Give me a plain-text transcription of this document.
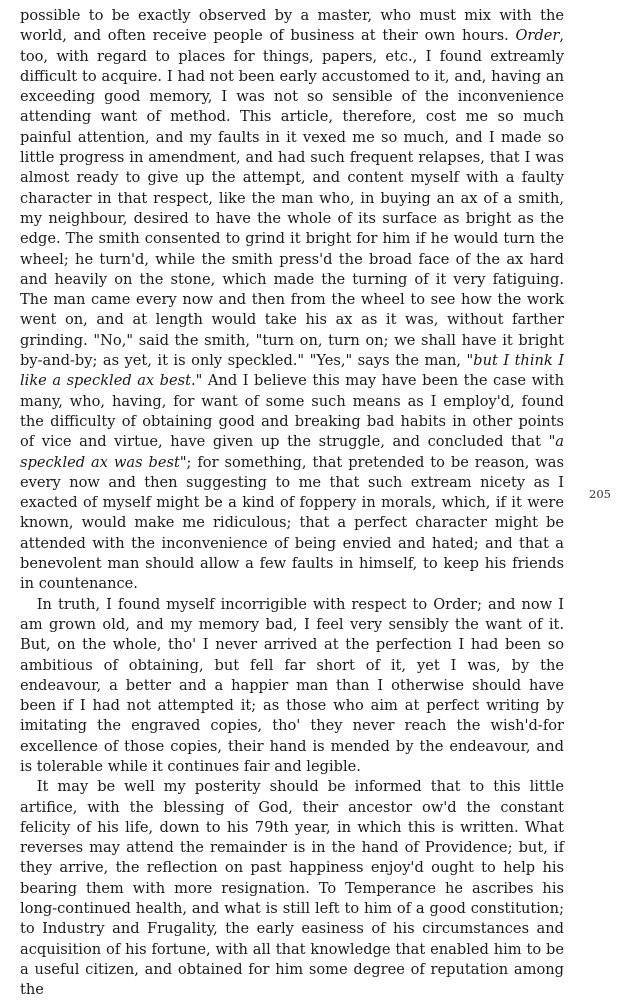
possible to be exactly observed by a master, who must mix with the world, and often receive people of business at their own hours. Order, too, with regard to places for things, papers, etc., I found extreamly difficult to acquire. I had not been early accustomed to it, and, having an exceeding good memory, I was not so sensible of the inconvenience attending want of method. This article, therefore, cost me so much painful attention, and my faults in it vexed me so much, and I made so little progress in amendment, and had such frequent relapses, that I was almost ready to give up the attempt, and content myself with a faulty character in that respect, like the man who, in buying an ax of a smith, my neighbour, desired to have the whole of its surface as bright as the edge. The smith consented to grind it bright for him if he would turn the wheel; he turn'd, while the smith press'd the broad face of the ax hard and heavily on the stone, which made the turning of it very fatiguing. The man came every now and then from the wheel to see how the work went on, and at length would take his ax as it was, without farther grinding. "No," said the smith, "turn on, turn on; we shall have it bright by-and-by; as yet, it is only speckled." "Yes," says the man, "but I think I like a speckled ax best." And I believe this may have been the case with many, who, having, for want of some such means as I employ'd, found the difficulty of obtaining good and breaking bad habits in other points of vice and virtue, have given up the struggle, and concluded that "a speckled ax was best"; for something, that pretended to be reason, was every now and then suggesting to me that such extream nicety as I exacted of myself might be a kind of foppery in morals, which, if it were known, would make me ridiculous; that a perfect character might be attended with the inconvenience of being envied and hated; and that a benevolent man should allow a few faults in himself, to keep his friends in countenance.

In truth, I found myself incorrigible with respect to Order; and now I am grown old, and my memory bad, I feel very sensibly the want of it. But, on the whole, tho' I never arrived at the perfection I had been so ambitious of obtaining, but fell far short of it, yet I was, by the endeavour, a better and a happier man than I otherwise should have been if I had not attempted it; as those who aim at perfect writing by imitating the engraved copies, tho' they never reach the wish'd-for excellence of those copies, their hand is mended by the endeavour, and is tolerable while it continues fair and legible.

It may be well my posterity should be informed that to this little artifice, with the blessing of God, their ancestor ow'd the constant felicity of his life, down to his 79th year, in which this is written. What reverses may attend the remainder is in the hand of Providence; but, if they arrive, the reflection on past happiness enjoy'd ought to help his bearing them with more resignation. To Temperance he ascribes his long-continued health, and what is still left to him of a good constitution; to Industry and Frugality, the early easiness of his circumstances and acquisition of his fortune, with all that knowledge that enabled him to be a useful citizen, and obtained for him some degree of reputation among the

205
